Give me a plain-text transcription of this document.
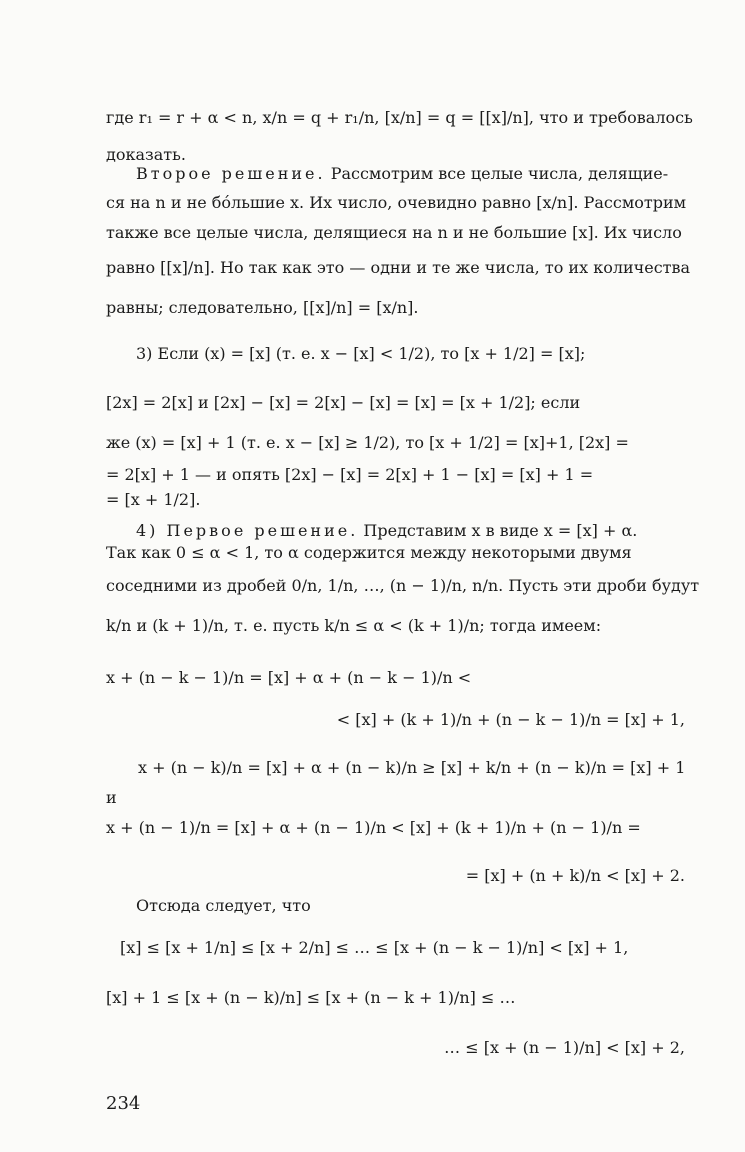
где r₁ = r + α < n, x/n = q + r₁/n, [x/n] = q = [[x]/n], что и требовалось
доказать.
Второе решение. Рассмотрим все целые числа, делящие-
ся на n и не бо́льшие x. Их число, очевидно равно [x/n]. Рассмотрим
также все целые числа, делящиеся на n и не большие [x]. Их число
равно [[x]/n]. Но так как это — одни и те же числа, то их количества
равны; следовательно, [[x]/n] = [x/n].
3) Если (x) = [x] (т. е. x − [x] < 1/2), то [x + 1/2] = [x];
[2x] = 2[x] и [2x] − [x] = 2[x] − [x] = [x] = [x + 1/2]; если
же (x) = [x] + 1 (т. е. x − [x] ≥ 1/2), то [x + 1/2] = [x]+1, [2x] =
= 2[x] + 1 — и опять [2x] − [x] = 2[x] + 1 − [x] = [x] + 1 =
= [x + 1/2].
4) Первое решение. Представим x в виде x = [x] + α.
Так как 0 ≤ α < 1, то α содержится между некоторыми двумя
соседними из дробей 0/n, 1/n, …, (n − 1)/n, n/n. Пусть эти дроби будут
k/n и (k + 1)/n, т. е. пусть k/n ≤ α < (k + 1)/n; тогда имеем:
x + (n − k − 1)/n = [x] + α + (n − k − 1)/n <
< [x] + (k + 1)/n + (n − k − 1)/n = [x] + 1,
x + (n − k)/n = [x] + α + (n − k)/n ≥ [x] + k/n + (n − k)/n = [x] + 1
и
x + (n − 1)/n = [x] + α + (n − 1)/n < [x] + (k + 1)/n + (n − 1)/n =
= [x] + (n + k)/n < [x] + 2.
Отсюда следует, что
[x] ≤ [x + 1/n] ≤ [x + 2/n] ≤ … ≤ [x + (n − k − 1)/n] < [x] + 1,
[x] + 1 ≤ [x + (n − k)/n] ≤ [x + (n − k + 1)/n] ≤ …
… ≤ [x + (n − 1)/n] < [x] + 2,
234
